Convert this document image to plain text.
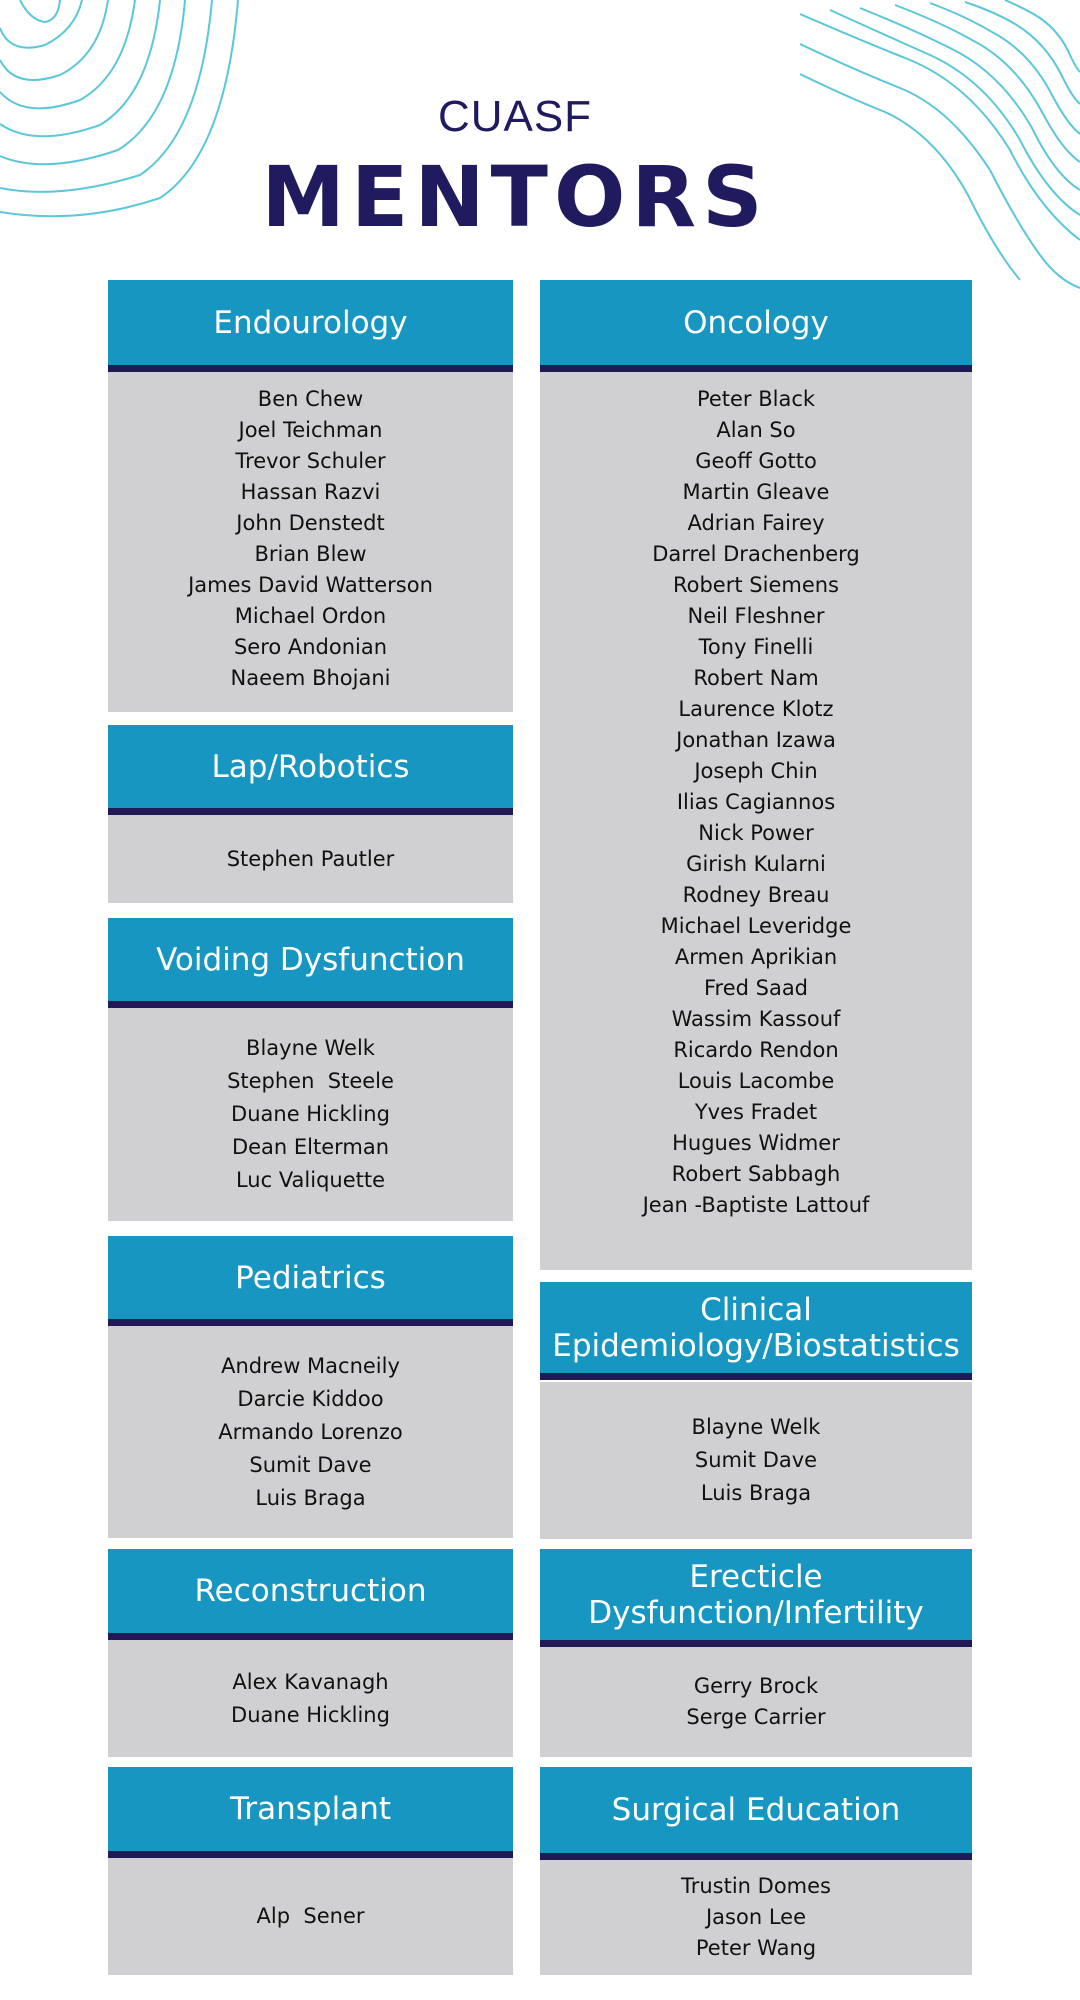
CUASF
MENTORS
Endourology
Ben Chew
Joel Teichman
Trevor Schuler
Hassan Razvi
John Denstedt
Brian Blew
James David Watterson
Michael Ordon
Sero Andonian
Naeem Bhojani
Lap/Robotics
Stephen Pautler
Voiding Dysfunction
Blayne Welk
Stephen  Steele
Duane Hickling
Dean Elterman
Luc Valiquette
Pediatrics
Andrew Macneily
Darcie Kiddoo
Armando Lorenzo
Sumit Dave
Luis Braga
Reconstruction
Alex Kavanagh
Duane Hickling
Transplant
Alp  Sener
Oncology
Peter Black
Alan So
Geoff Gotto
Martin Gleave
Adrian Fairey
Darrel Drachenberg
Robert Siemens
Neil Fleshner
Tony Finelli
Robert Nam
Laurence Klotz
Jonathan Izawa
Joseph Chin
Ilias Cagiannos
Nick Power
Girish Kularni
Rodney Breau
Michael Leveridge
Armen Aprikian
Fred Saad
Wassim Kassouf
Ricardo Rendon
Louis Lacombe
Yves Fradet
Hugues Widmer
Robert Sabbagh
Jean -Baptiste Lattouf
Clinical
Epidemiology/Biostatistics
Blayne Welk
Sumit Dave
Luis Braga
Erecticle
Dysfunction/Infertility
Gerry Brock
Serge Carrier
Surgical Education
Trustin Domes
Jason Lee
Peter Wang
